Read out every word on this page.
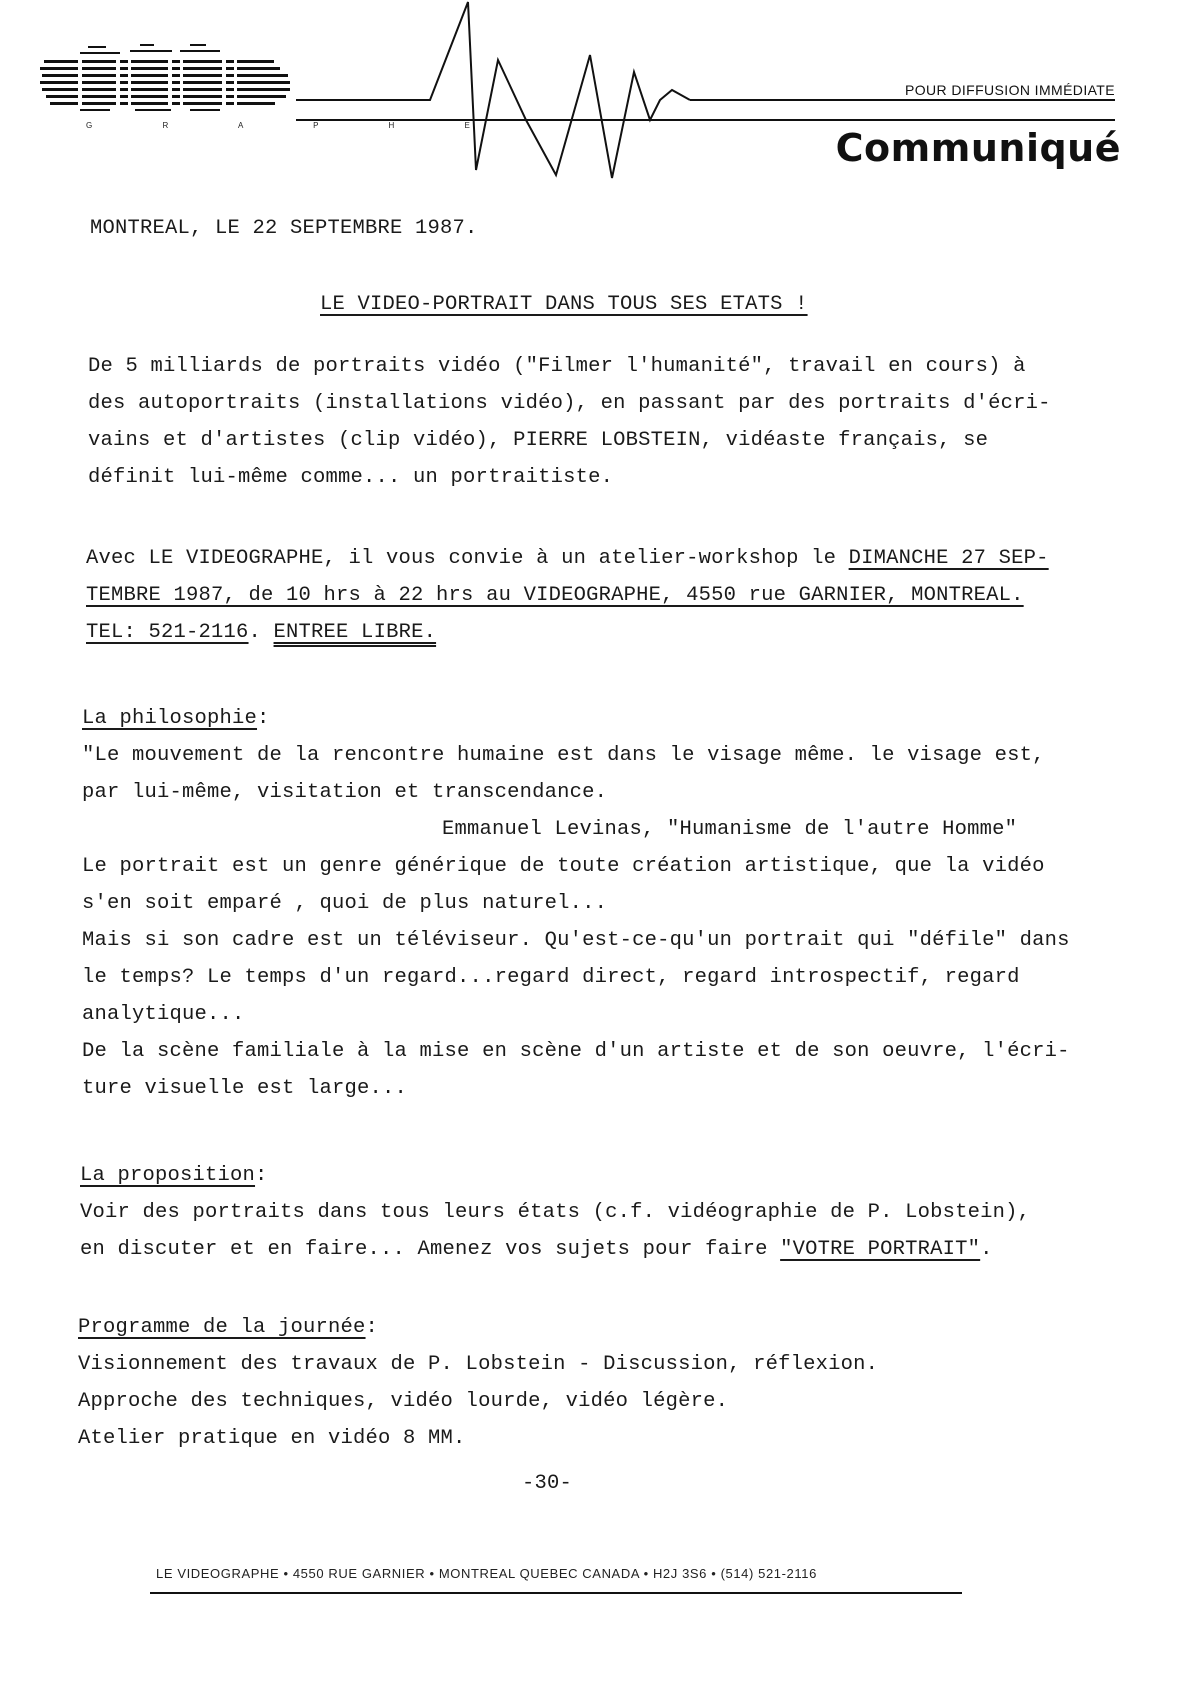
G R A P H E
POUR DIFFUSION IMMÉDIATE
Communiqué
MONTREAL, LE 22 SEPTEMBRE 1987.
LE VIDEO-PORTRAIT DANS TOUS SES ETATS !
De 5 milliards de portraits vidéo ("Filmer l'humanité", travail en cours) à
des autoportraits (installations vidéo), en passant par des portraits d'écri-
vains et d'artistes (clip vidéo), PIERRE LOBSTEIN, vidéaste français, se
définit lui-même comme... un portraitiste.
Avec LE VIDEOGRAPHE, il vous convie à un atelier-workshop le DIMANCHE 27 SEP-
TEMBRE 1987, de 10 hrs à 22 hrs au VIDEOGRAPHE, 4550 rue GARNIER, MONTREAL.
TEL: 521-2116. ENTREE LIBRE.
La philosophie:
"Le mouvement de la rencontre humaine est dans le visage même. le visage est,
par lui-même, visitation et transcendance.
Emmanuel Levinas, "Humanisme de l'autre Homme"
Le portrait est un genre générique de toute création artistique, que la vidéo
s'en soit emparé , quoi de plus naturel...
Mais si son cadre est un téléviseur. Qu'est-ce-qu'un portrait qui "défile" dans
le temps? Le temps d'un regard...regard direct, regard introspectif, regard
analytique...
De la scène familiale à la mise en scène d'un artiste et de son oeuvre, l'écri-
ture visuelle est large...
La proposition:
Voir des portraits dans tous leurs états (c.f. vidéographie de P. Lobstein),
en discuter et en faire... Amenez vos sujets pour faire "VOTRE PORTRAIT".
Programme de la journée:
Visionnement des travaux de P. Lobstein - Discussion, réflexion.
Approche des techniques, vidéo lourde, vidéo légère.
Atelier pratique en vidéo 8 MM.
-30-
LE VIDEOGRAPHE • 4550 RUE GARNIER • MONTREAL QUEBEC CANADA • H2J 3S6 • (514) 521-2116
